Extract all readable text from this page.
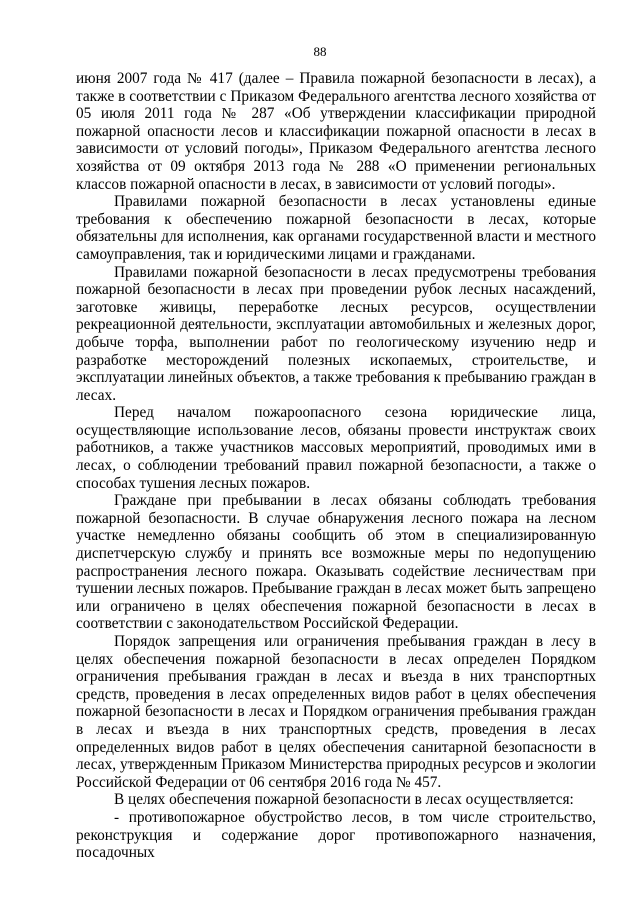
88

июня 2007 года № 417 (далее – Правила пожарной безопасности в лесах), а также в соответствии с Приказом Федерального агентства лесного хозяйства от 05 июля 2011 года № 287 «Об утверждении классификации природной пожарной опасности лесов и классификации пожарной опасности в лесах в зависимости от условий погоды», Приказом Федерального агентства лесного хозяйства от 09 октября 2013 года № 288 «О применении региональных классов пожарной опасности в лесах, в зависимости от условий погоды».

Правилами пожарной безопасности в лесах установлены единые требования к обеспечению пожарной безопасности в лесах, которые обязательны для исполнения, как органами государственной власти и местного самоуправления, так и юридическими лицами и гражданами.

Правилами пожарной безопасности в лесах предусмотрены требования пожарной безопасности в лесах при проведении рубок лесных насаждений, заготовке живицы, переработке лесных ресурсов, осуществлении рекреационной деятельности, эксплуатации автомобильных и железных дорог, добыче торфа, выполнении работ по геологическому изучению недр и разработке месторождений полезных ископаемых, строительстве, и эксплуатации линейных объектов, а также требования к пребыванию граждан в лесах.

Перед началом пожароопасного сезона юридические лица, осуществляющие использование лесов, обязаны провести инструктаж своих работников, а также участников массовых мероприятий, проводимых ими в лесах, о соблюдении требований правил пожарной безопасности, а также о способах тушения лесных пожаров.

Граждане при пребывании в лесах обязаны соблюдать требования пожарной безопасности. В случае обнаружения лесного пожара на лесном участке немедленно обязаны сообщить об этом в специализированную диспетчерскую службу и принять все возможные меры по недопущению распространения лесного пожара. Оказывать содействие лесничествам при тушении лесных пожаров. Пребывание граждан в лесах может быть запрещено или ограничено в целях обеспечения пожарной безопасности в лесах в соответствии с законодательством Российской Федерации.

Порядок запрещения или ограничения пребывания граждан в лесу в целях обеспечения пожарной безопасности в лесах определен Порядком ограничения пребывания граждан в лесах и въезда в них транспортных средств, проведения в лесах определенных видов работ в целях обеспечения пожарной безопасности в лесах и Порядком ограничения пребывания граждан в лесах и въезда в них транспортных средств, проведения в лесах определенных видов работ в целях обеспечения санитарной безопасности в лесах, утвержденным Приказом Министерства природных ресурсов и экологии Российской Федерации от 06 сентября 2016 года № 457.

В целях обеспечения пожарной безопасности в лесах осуществляется:

- противопожарное обустройство лесов, в том числе строительство, реконструкция и содержание дорог противопожарного назначения, посадочных
